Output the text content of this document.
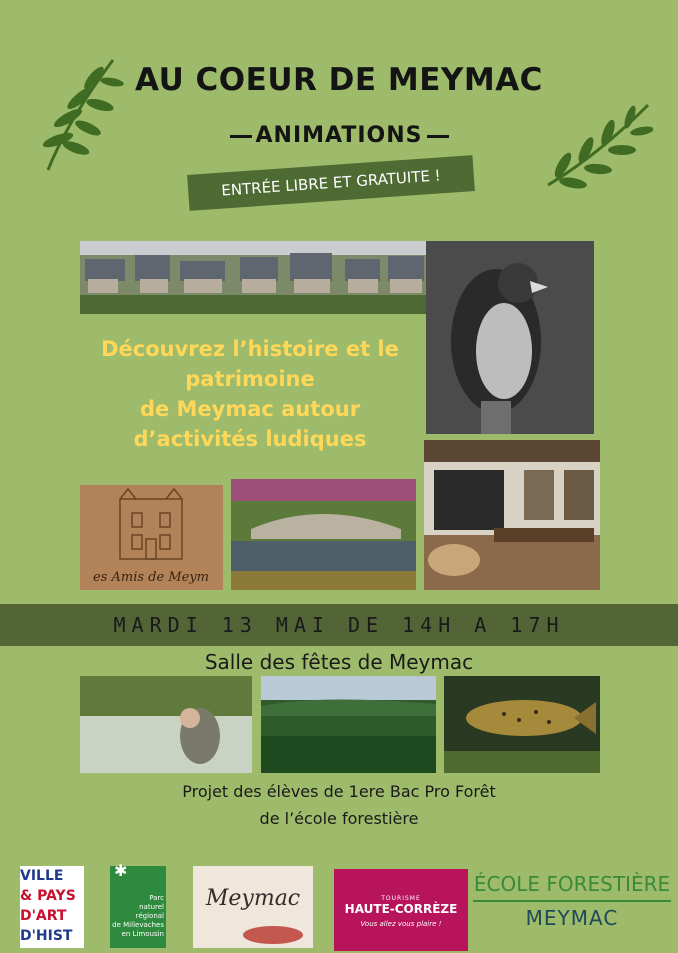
AU COEUR DE MEYMAC
ANIMATIONS
ENTRÉE LIBRE ET GRATUITE !
Découvrez l’histoire et le
patrimoine
de Meymac autour
d’activités ludiques
es Amis de Meym
MARDI 13 MAI DE 14H A 17H
Salle des fêtes de Meymac
Projet des élèves de 1ere Bac Pro Forêt
de l’école forestière
VILLE
& PAYS
D'ART
D'HIST
✱
Parc
naturel
régional
de Millevaches
en Limousin
Meymac	TOURISME
HAUTE-CORRÈZE
Vous allez vous plaire !
ÉCOLE FORESTIÈRE
MEYMAC
